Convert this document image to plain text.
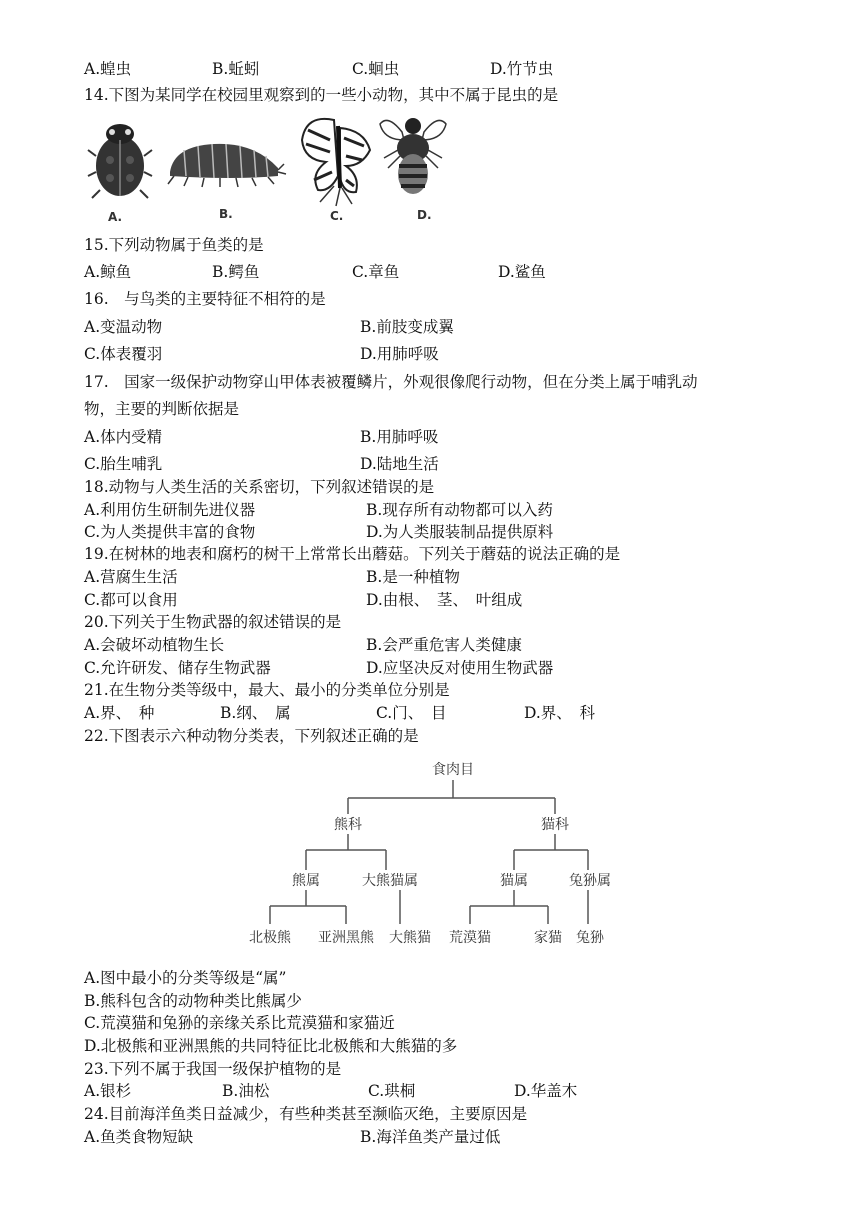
A.蝗虫	B.蚯蚓	C.蛔虫	D.竹节虫
14.下图为某同学在校园里观察到的一些小动物，其中不属于昆虫的是
A.	B.	C.	D.
15.下列动物属于鱼类的是
A.鲸鱼	B.鳄鱼	C.章鱼	D.鲨鱼
16.　与鸟类的主要特征不相符的是
A.变温动物	B.前肢变成翼
C.体表覆羽	D.用肺呼吸
17.　国家一级保护动物穿山甲体表被覆鳞片，外观很像爬行动物，但在分类上属于哺乳动
物，主要的判断依据是
A.体内受精	B.用肺呼吸
C.胎生哺乳	D.陆地生活
18.动物与人类生活的关系密切，下列叙述错误的是
A.利用仿生研制先进仪器	B.现存所有动物都可以入药
C.为人类提供丰富的食物	D.为人类服装制品提供原料
19.在树林的地表和腐朽的树干上常常长出蘑菇。下列关于蘑菇的说法正确的是
A.营腐生生活	B.是一种植物
C.都可以食用	D.由根、　茎、　叶组成
20.下列关于生物武器的叙述错误的是
A.会破坏动植物生长	B.会严重危害人类健康
C.允许研发、储存生物武器	D.应坚决反对使用生物武器
21.在生物分类等级中，最大、最小的分类单位分别是
A.界、　种	B.纲、　属	C.门、　目	D.界、　科
22.下图表示六种动物分类表，下列叙述正确的是
食肉目
熊科	猫科
熊属	大熊猫属	猫属	兔狲属
北极熊 亚洲黑熊 大熊猫 荒漠猫	家猫 兔狲
A.图中最小的分类等级是“属”
B.熊科包含的动物种类比熊属少
C.荒漠猫和兔狲的亲缘关系比荒漠猫和家猫近
D.北极熊和亚洲黑熊的共同特征比北极熊和大熊猫的多
23.下列不属于我国一级保护植物的是
A.银杉	B.油松	C.珙桐	D.华盖木
24.目前海洋鱼类日益减少，有些种类甚至濒临灭绝，主要原因是
A.鱼类食物短缺	B.海洋鱼类产量过低
